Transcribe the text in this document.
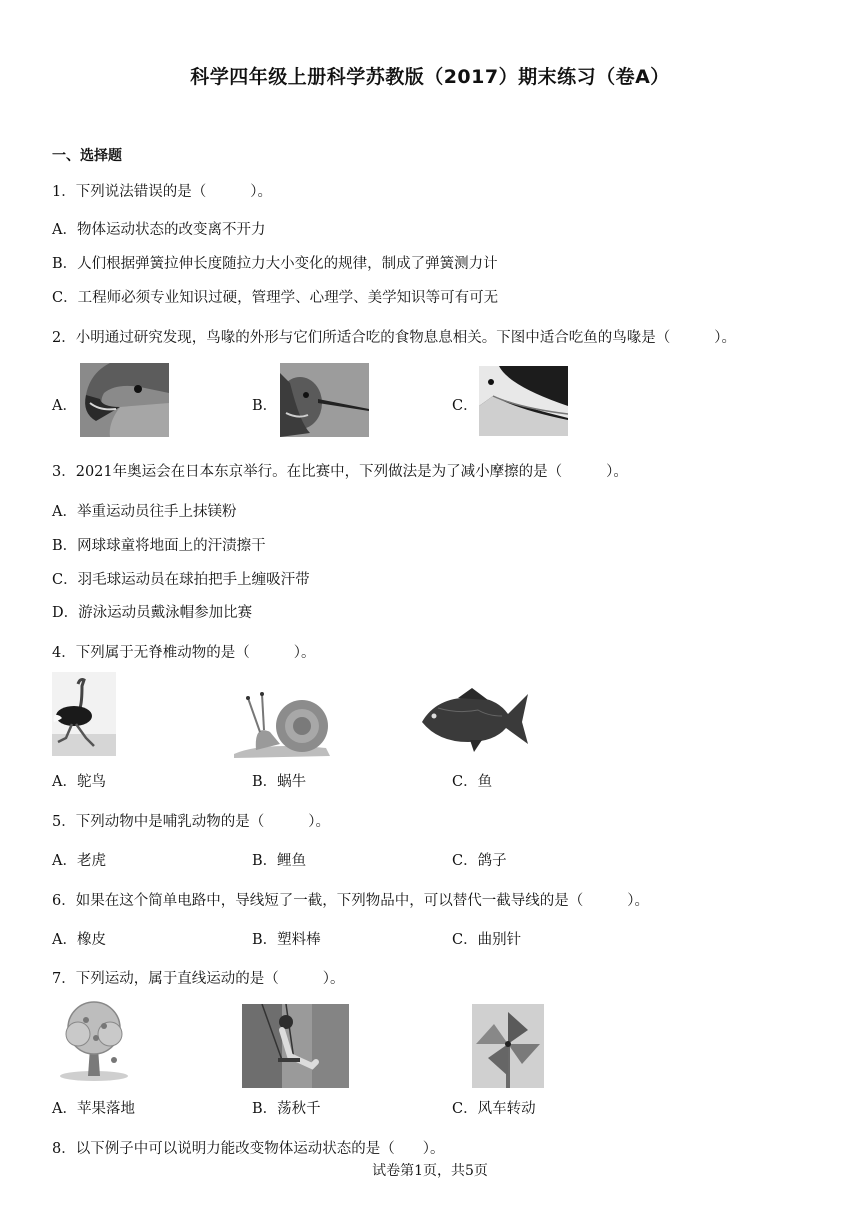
科学四年级上册科学苏教版（2017）期末练习（卷A）
一、选择题
1．下列说法错误的是（	）。
A．物体运动状态的改变离不开力
B．人们根据弹簧拉伸长度随拉力大小变化的规律，制成了弹簧测力计
C．工程师必须专业知识过硬，管理学、心理学、美学知识等可有可无
2．小明通过研究发现，鸟喙的外形与它们所适合吃的食物息息相关。下图中适合吃鱼的鸟喙是（	）。
A．	B．	C．
3．2021年奥运会在日本东京举行。在比赛中，下列做法是为了减小摩擦的是（	）。
A．举重运动员往手上抹镁粉
B．网球球童将地面上的汗渍擦干
C．羽毛球运动员在球拍把手上缠吸汗带
D．游泳运动员戴泳帽参加比赛
4．下列属于无脊椎动物的是（	）。
A．鸵鸟	B．蜗牛	C．鱼
5．下列动物中是哺乳动物的是（	）。
A．老虎	B．鲤鱼	C．鸽子
6．如果在这个简单电路中，导线短了一截，下列物品中，可以替代一截导线的是（	）。
A．橡皮	B．塑料棒	C．曲别针
7．下列运动，属于直线运动的是（	）。
A．苹果落地	B．荡秋千	C．风车转动
8．以下例子中可以说明力能改变物体运动状态的是（ ）。
试卷第1页，共5页
